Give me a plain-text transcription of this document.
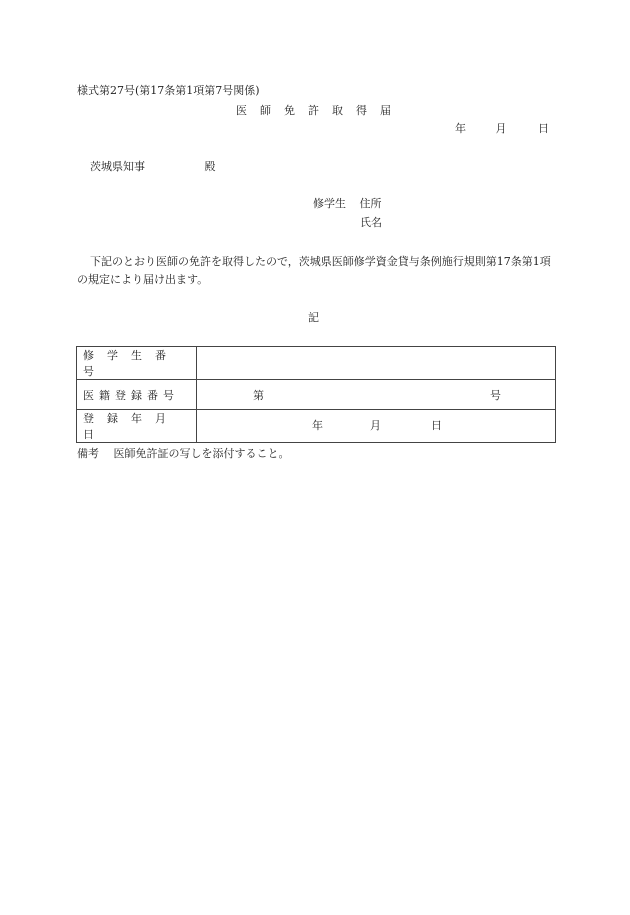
様式第27号(第17条第1項第7号関係)
医師免許取得届
年	月	日
茨城県知事	殿
修学生 住所
氏名
下記のとおり医師の免許を取得したので，茨城県医師修学資金貸与条例施行規則第17条第1項の規定により届け出ます。
記
修学生番号	
医籍登録番号	第 号

登録年月日	年 月 日
備考 医師免許証の写しを添付すること。
